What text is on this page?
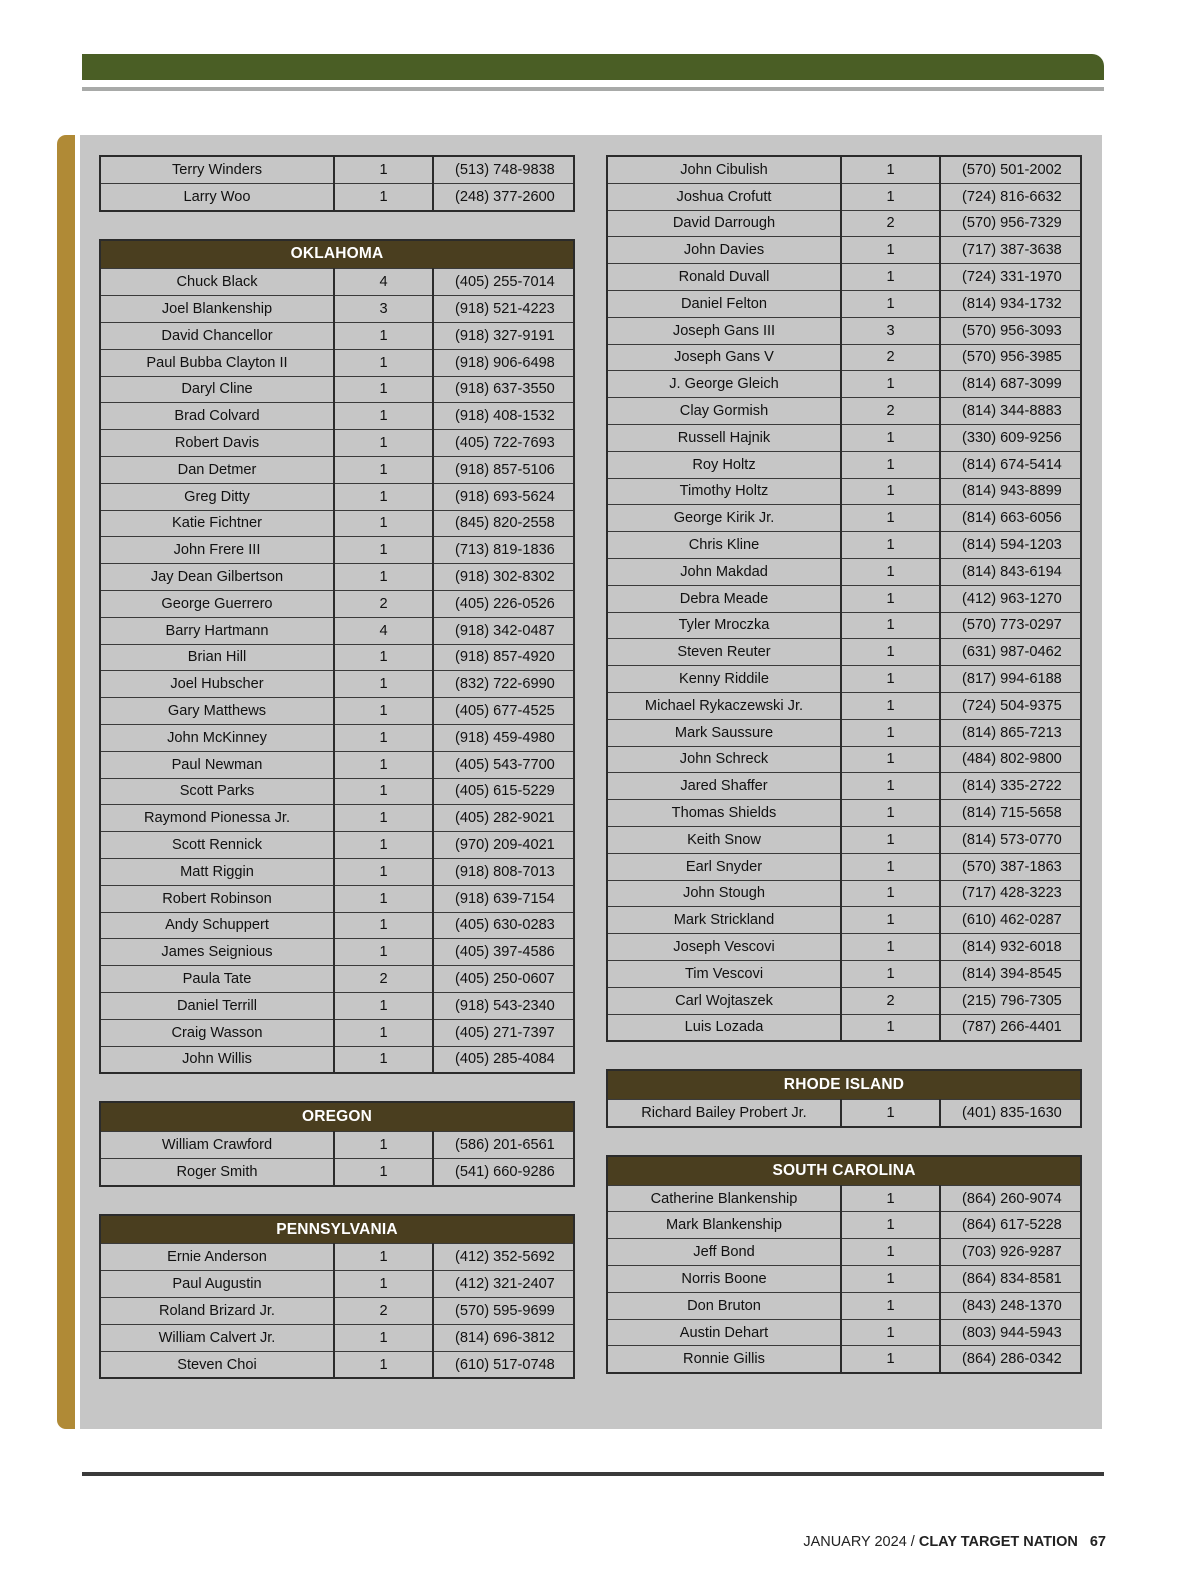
Terry Winders	1	(513) 748-9838
Larry Woo	1	(248) 377-2600
OKLAHOMA		
Chuck Black	4	(405) 255-7014
Joel Blankenship	3	(918) 521-4223
David Chancellor	1	(918) 327-9191
Paul Bubba Clayton II	1	(918) 906-6498
Daryl Cline	1	(918) 637-3550
Brad Colvard	1	(918) 408-1532
Robert Davis	1	(405) 722-7693
Dan Detmer	1	(918) 857-5106
Greg Ditty	1	(918) 693-5624
Katie Fichtner	1	(845) 820-2558
John Frere III	1	(713) 819-1836
Jay Dean Gilbertson	1	(918) 302-8302
George Guerrero	2	(405) 226-0526
Barry Hartmann	4	(918) 342-0487
Brian Hill	1	(918) 857-4920
Joel Hubscher	1	(832) 722-6990
Gary Matthews	1	(405) 677-4525
John McKinney	1	(918) 459-4980
Paul Newman	1	(405) 543-7700
Scott Parks	1	(405) 615-5229
Raymond Pionessa Jr.	1	(405) 282-9021
Scott Rennick	1	(970) 209-4021
Matt Riggin	1	(918) 808-7013
Robert Robinson	1	(918) 639-7154
Andy Schuppert	1	(405) 630-0283
James Seignious	1	(405) 397-4586
Paula Tate	2	(405) 250-0607
Daniel Terrill	1	(918) 543-2340
Craig Wasson	1	(405) 271-7397
John Willis	1	(405) 285-4084
OREGON		
William Crawford	1	(586) 201-6561
Roger Smith	1	(541) 660-9286
PENNSYLVANIA		
Ernie Anderson	1	(412) 352-5692
Paul Augustin	1	(412) 321-2407
Roland Brizard Jr.	2	(570) 595-9699
William Calvert Jr.	1	(814) 696-3812
Steven Choi	1	(610) 517-0748
John Cibulish	1	(570) 501-2002
Joshua Crofutt	1	(724) 816-6632
David Darrough	2	(570) 956-7329
John Davies	1	(717) 387-3638
Ronald Duvall	1	(724) 331-1970
Daniel Felton	1	(814) 934-1732
Joseph Gans III	3	(570) 956-3093
Joseph Gans V	2	(570) 956-3985
J. George Gleich	1	(814) 687-3099
Clay Gormish	2	(814) 344-8883
Russell Hajnik	1	(330) 609-9256
Roy Holtz	1	(814) 674-5414
Timothy Holtz	1	(814) 943-8899
George Kirik Jr.	1	(814) 663-6056
Chris Kline	1	(814) 594-1203
John Makdad	1	(814) 843-6194
Debra Meade	1	(412) 963-1270
Tyler Mroczka	1	(570) 773-0297
Steven Reuter	1	(631) 987-0462
Kenny Riddile	1	(817) 994-6188
Michael Rykaczewski Jr.	1	(724) 504-9375
Mark Saussure	1	(814) 865-7213
John Schreck	1	(484) 802-9800
Jared Shaffer	1	(814) 335-2722
Thomas Shields	1	(814) 715-5658
Keith Snow	1	(814) 573-0770
Earl Snyder	1	(570) 387-1863
John Stough	1	(717) 428-3223
Mark Strickland	1	(610) 462-0287
Joseph Vescovi	1	(814) 932-6018
Tim Vescovi	1	(814) 394-8545
Carl Wojtaszek	2	(215) 796-7305
Luis Lozada	1	(787) 266-4401
RHODE ISLAND
Richard Bailey Probert Jr.	1	(401) 835-1630
SOUTH CAROLINA		
Catherine Blankenship	1	(864) 260-9074
Mark Blankenship	1	(864) 617-5228
Jeff Bond	1	(703) 926-9287
Norris Boone	1	(864) 834-8581
Don Bruton	1	(843) 248-1370
Austin Dehart	1	(803) 944-5943
Ronnie Gillis	1	(864) 286-0342
JANUARY 2024 / CLAY TARGET NATION 67
